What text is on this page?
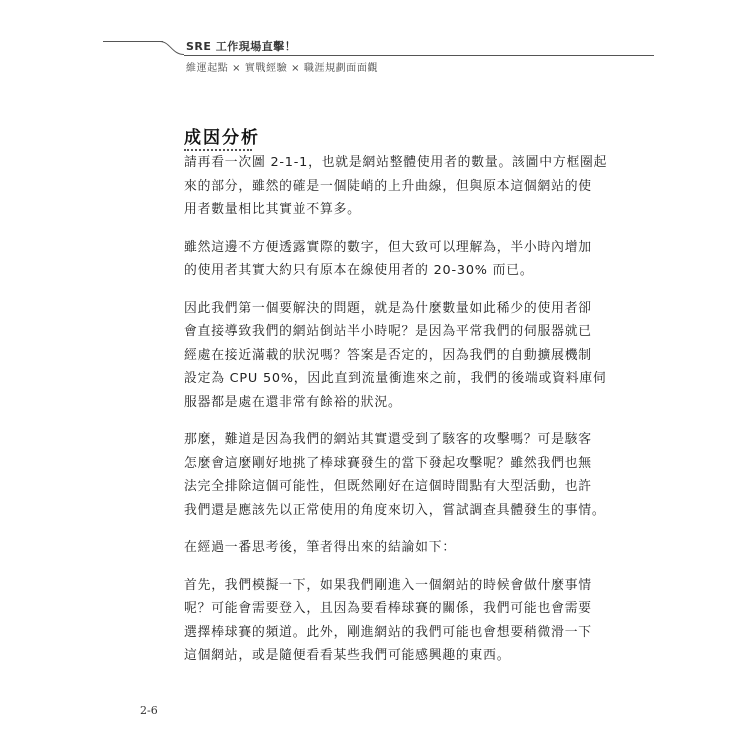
SRE 工作現場直擊！
維運起點 × 實戰經驗 × 職涯規劃面面觀
成因分析

請再看一次圖 2-1-1，也就是網站整體使用者的數量。該圖中方框圈起
來的部分，雖然的確是一個陡峭的上升曲線，但與原本這個網站的使
用者數量相比其實並不算多。

雖然這邊不方便透露實際的數字，但大致可以理解為，半小時內增加
的使用者其實大約只有原本在線使用者的 20-30% 而已。

因此我們第一個要解決的問題，就是為什麼數量如此稀少的使用者卻
會直接導致我們的網站倒站半小時呢？是因為平常我們的伺服器就已
經處在接近滿載的狀況嗎？答案是否定的，因為我們的自動擴展機制
設定為 CPU 50%，因此直到流量衝進來之前，我們的後端或資料庫伺
服器都是處在還非常有餘裕的狀況。

那麼，難道是因為我們的網站其實還受到了駭客的攻擊嗎？可是駭客
怎麼會這麼剛好地挑了棒球賽發生的當下發起攻擊呢？雖然我們也無
法完全排除這個可能性，但既然剛好在這個時間點有大型活動，也許
我們還是應該先以正常使用的角度來切入，嘗試調查具體發生的事情。

在經過一番思考後，筆者得出來的結論如下：

首先，我們模擬一下，如果我們剛進入一個網站的時候會做什麼事情
呢？可能會需要登入，且因為要看棒球賽的關係，我們可能也會需要
選擇棒球賽的頻道。此外，剛進網站的我們可能也會想要稍微滑一下
這個網站，或是隨便看看某些我們可能感興趣的東西。

2-6
